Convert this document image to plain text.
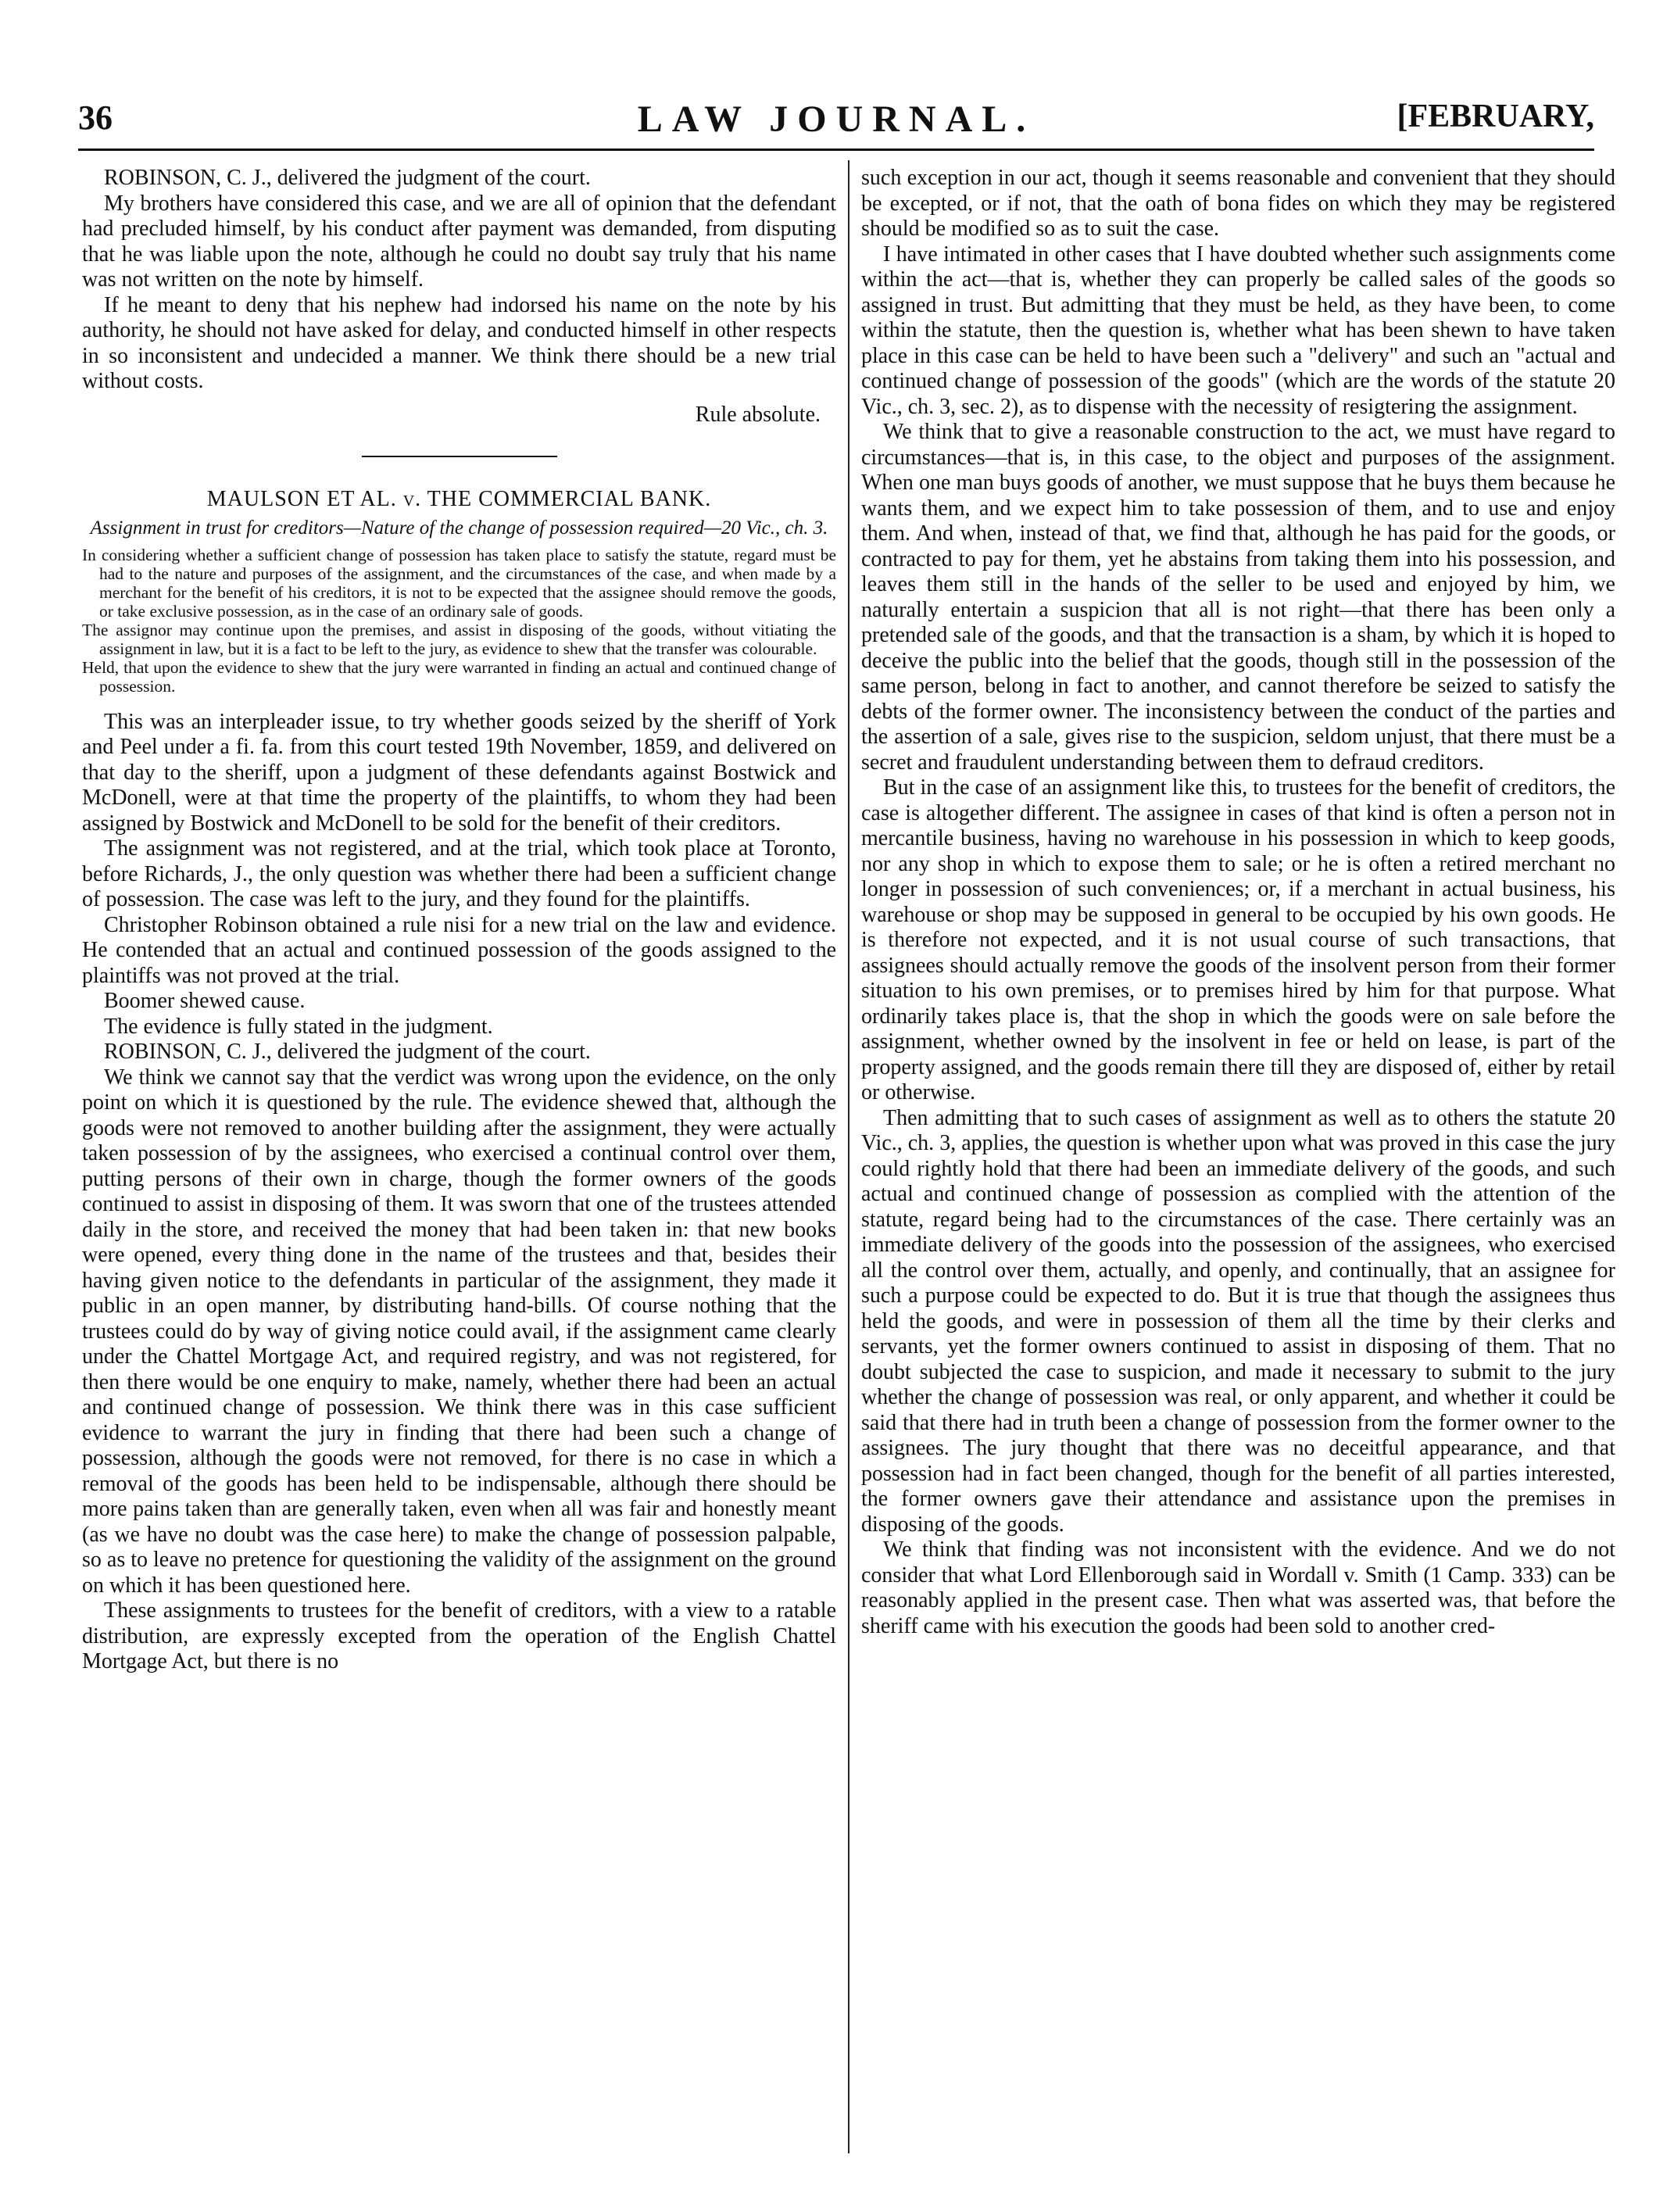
36	LAW JOURNAL.	[FEBRUARY,

ROBINSON, C. J., delivered the judgment of the court.

My brothers have considered this case, and we are all of opinion that the defendant had precluded himself, by his conduct after payment was demanded, from disputing that he was liable upon the note, although he could no doubt say truly that his name was not written on the note by himself.

If he meant to deny that his nephew had indorsed his name on the note by his authority, he should not have asked for delay, and conducted himself in other respects in so inconsistent and undecided a manner. We think there should be a new trial without costs.

Rule absolute.
MAULSON ET AL. v. THE COMMERCIAL BANK.
Assignment in trust for creditors—Nature of the change of possession required—20 Vic., ch. 3.

In considering whether a sufficient change of possession has taken place to satisfy the statute, regard must be had to the nature and purposes of the assignment, and the circumstances of the case, and when made by a merchant for the benefit of his creditors, it is not to be expected that the assignee should remove the goods, or take exclusive possession, as in the case of an ordinary sale of goods.

The assignor may continue upon the premises, and assist in disposing of the goods, without vitiating the assignment in law, but it is a fact to be left to the jury, as evidence to shew that the transfer was colourable.

Held, that upon the evidence to shew that the jury were warranted in finding an actual and continued change of possession.

This was an interpleader issue, to try whether goods seized by the sheriff of York and Peel under a fi. fa. from this court tested 19th November, 1859, and delivered on that day to the sheriff, upon a judgment of these defendants against Bostwick and McDonell, were at that time the property of the plaintiffs, to whom they had been assigned by Bostwick and McDonell to be sold for the benefit of their creditors.

The assignment was not registered, and at the trial, which took place at Toronto, before Richards, J., the only question was whether there had been a sufficient change of possession. The case was left to the jury, and they found for the plaintiffs.

Christopher Robinson obtained a rule nisi for a new trial on the law and evidence. He contended that an actual and continued possession of the goods assigned to the plaintiffs was not proved at the trial.

Boomer shewed cause.

The evidence is fully stated in the judgment.

ROBINSON, C. J., delivered the judgment of the court.

We think we cannot say that the verdict was wrong upon the evidence, on the only point on which it is questioned by the rule. The evidence shewed that, although the goods were not removed to another building after the assignment, they were actually taken possession of by the assignees, who exercised a continual control over them, putting persons of their own in charge, though the former owners of the goods continued to assist in disposing of them. It was sworn that one of the trustees attended daily in the store, and received the money that had been taken in: that new books were opened, every thing done in the name of the trustees and that, besides their having given notice to the defendants in particular of the assignment, they made it public in an open manner, by distributing hand-bills. Of course nothing that the trustees could do by way of giving notice could avail, if the assignment came clearly under the Chattel Mortgage Act, and required registry, and was not registered, for then there would be one enquiry to make, namely, whether there had been an actual and continued change of possession. We think there was in this case sufficient evidence to warrant the jury in finding that there had been such a change of possession, although the goods were not removed, for there is no case in which a removal of the goods has been held to be indispensable, although there should be more pains taken than are generally taken, even when all was fair and honestly meant (as we have no doubt was the case here) to make the change of possession palpable, so as to leave no pretence for questioning the validity of the assignment on the ground on which it has been questioned here.

These assignments to trustees for the benefit of creditors, with a view to a ratable distribution, are expressly excepted from the operation of the English Chattel Mortgage Act, but there is no

such exception in our act, though it seems reasonable and convenient that they should be excepted, or if not, that the oath of bona fides on which they may be registered should be modified so as to suit the case.

I have intimated in other cases that I have doubted whether such assignments come within the act—that is, whether they can properly be called sales of the goods so assigned in trust. But admitting that they must be held, as they have been, to come within the statute, then the question is, whether what has been shewn to have taken place in this case can be held to have been such a "delivery" and such an "actual and continued change of possession of the goods" (which are the words of the statute 20 Vic., ch. 3, sec. 2), as to dispense with the necessity of resigtering the assignment.

We think that to give a reasonable construction to the act, we must have regard to circumstances—that is, in this case, to the object and purposes of the assignment. When one man buys goods of another, we must suppose that he buys them because he wants them, and we expect him to take possession of them, and to use and enjoy them. And when, instead of that, we find that, although he has paid for the goods, or contracted to pay for them, yet he abstains from taking them into his possession, and leaves them still in the hands of the seller to be used and enjoyed by him, we naturally entertain a suspicion that all is not right—that there has been only a pretended sale of the goods, and that the transaction is a sham, by which it is hoped to deceive the public into the belief that the goods, though still in the possession of the same person, belong in fact to another, and cannot therefore be seized to satisfy the debts of the former owner. The inconsistency between the conduct of the parties and the assertion of a sale, gives rise to the suspicion, seldom unjust, that there must be a secret and fraudulent understanding between them to defraud creditors.

But in the case of an assignment like this, to trustees for the benefit of creditors, the case is altogether different. The assignee in cases of that kind is often a person not in mercantile business, having no warehouse in his possession in which to keep goods, nor any shop in which to expose them to sale; or he is often a retired merchant no longer in possession of such conveniences; or, if a merchant in actual business, his warehouse or shop may be supposed in general to be occupied by his own goods. He is therefore not expected, and it is not usual course of such transactions, that assignees should actually remove the goods of the insolvent person from their former situation to his own premises, or to premises hired by him for that purpose. What ordinarily takes place is, that the shop in which the goods were on sale before the assignment, whether owned by the insolvent in fee or held on lease, is part of the property assigned, and the goods remain there till they are disposed of, either by retail or otherwise.

Then admitting that to such cases of assignment as well as to others the statute 20 Vic., ch. 3, applies, the question is whether upon what was proved in this case the jury could rightly hold that there had been an immediate delivery of the goods, and such actual and continued change of possession as complied with the attention of the statute, regard being had to the circumstances of the case. There certainly was an immediate delivery of the goods into the possession of the assignees, who exercised all the control over them, actually, and openly, and continually, that an assignee for such a purpose could be expected to do. But it is true that though the assignees thus held the goods, and were in possession of them all the time by their clerks and servants, yet the former owners continued to assist in disposing of them. That no doubt subjected the case to suspicion, and made it necessary to submit to the jury whether the change of possession was real, or only apparent, and whether it could be said that there had in truth been a change of possession from the former owner to the assignees. The jury thought that there was no deceitful appearance, and that possession had in fact been changed, though for the benefit of all parties interested, the former owners gave their attendance and assistance upon the premises in disposing of the goods.

We think that finding was not inconsistent with the evidence. And we do not consider that what Lord Ellenborough said in Wordall v. Smith (1 Camp. 333) can be reasonably applied in the present case. Then what was asserted was, that before the sheriff came with his execution the goods had been sold to another cred-
